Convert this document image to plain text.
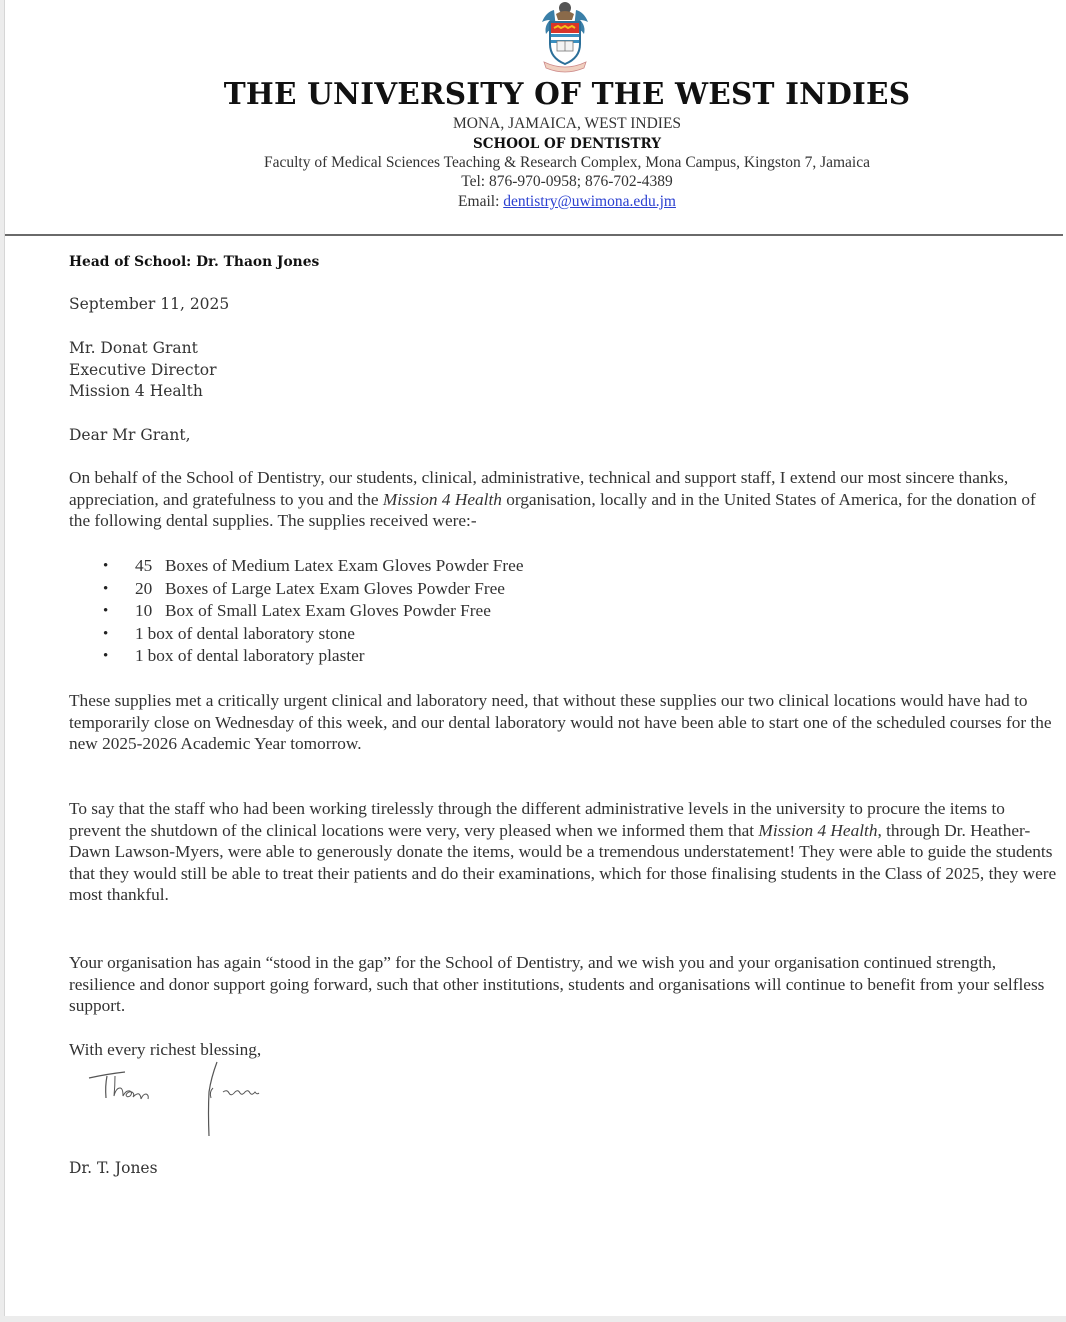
THE UNIVERSITY OF THE WEST INDIES
MONA, JAMAICA, WEST INDIES
SCHOOL OF DENTISTRY
Faculty of Medical Sciences Teaching & Research Complex, Mona Campus, Kingston 7, Jamaica
Tel: 876-970-0958; 876-702-4389
Email: dentistry@uwimona.edu.jm
Head of School: Dr. Thaon Jones
September 11, 2025
Mr. Donat Grant
Executive Director
Mission 4 Health
Dear Mr Grant,
On behalf of the School of Dentistry, our students, clinical, administrative, technical and support staff, I extend our most sincere thanks, appreciation, and gratefulness to you and the Mission 4 Health organisation, locally and in the United States of America, for the donation of the following dental supplies. The supplies received were:-
• 45 Boxes of Medium Latex Exam Gloves Powder Free
• 20 Boxes of Large Latex Exam Gloves Powder Free
• 10 Box of Small Latex Exam Gloves Powder Free
• 1 box of dental laboratory stone
• 1 box of dental laboratory plaster
These supplies met a critically urgent clinical and laboratory need, that without these supplies our two clinical locations would have had to temporarily close on Wednesday of this week, and our dental laboratory would not have been able to start one of the scheduled courses for the new 2025-2026 Academic Year tomorrow.
To say that the staff who had been working tirelessly through the different administrative levels in the university to procure the items to prevent the shutdown of the clinical locations were very, very pleased when we informed them that Mission 4 Health, through Dr. Heather-Dawn Lawson-Myers, were able to generously donate the items, would be a tremendous understatement! They were able to guide the students that they would still be able to treat their patients and do their examinations, which for those finalising students in the Class of 2025, they were most thankful.
Your organisation has again “stood in the gap” for the School of Dentistry, and we wish you and your organisation continued strength, resilience and donor support going forward, such that other institutions, students and organisations will continue to benefit from your selfless support.
With every richest blessing,
Dr. T. Jones
